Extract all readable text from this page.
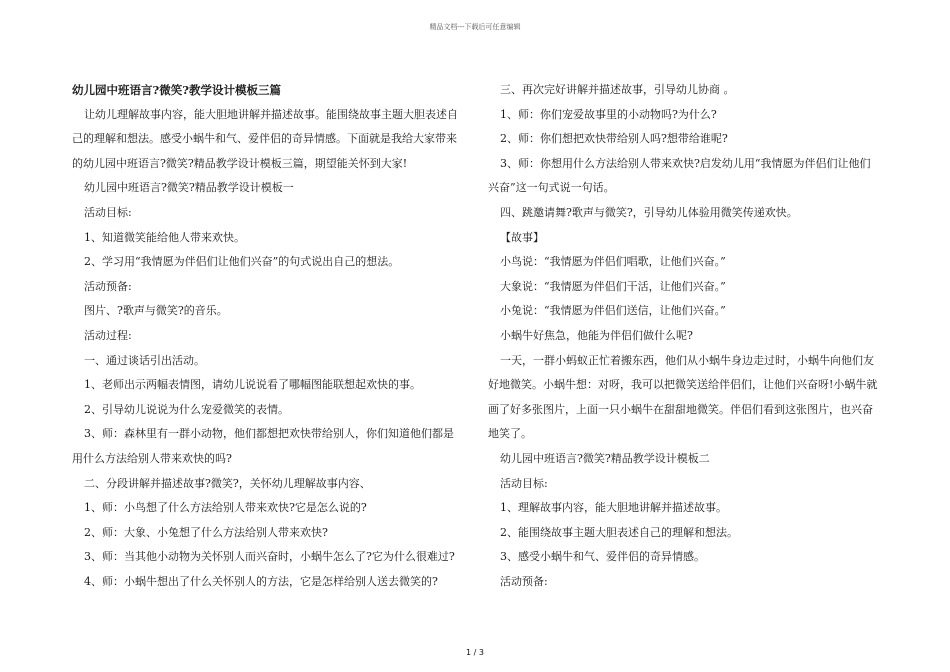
精品文档---下载后可任意编辑

幼儿园中班语言?微笑?教学设计模板三篇

让幼儿理解故事内容，能大胆地讲解并描述故事。能围绕故事主题大胆表述自己的理解和想法。感受小蜗牛和气、爱伴侣的奇异情感。下面就是我给大家带来的幼儿园中班语言?微笑?精品教学设计模板三篇，期望能关怀到大家!

幼儿园中班语言?微笑?精品教学设计模板一

活动目标:

1、知道微笑能给他人带来欢快。

2、学习用“我情愿为伴侣们让他们兴奋”的句式说出自己的想法。

活动预备:

图片、?歌声与微笑?的音乐。

活动过程:

一、通过谈话引出活动。

1、老师出示两幅表情图，请幼儿说说看了哪幅图能联想起欢快的事。

2、引导幼儿说说为什么宠爱微笑的表情。

3、师：森林里有一群小动物，他们都想把欢快带给别人，你们知道他们都是用什么方法给别人带来欢快的吗?

二、分段讲解并描述故事?微笑?，关怀幼儿理解故事内容、

1、师：小鸟想了什么方法给别人带来欢快?它是怎么说的?

2、师：大象、小兔想了什么方法给别人带来欢快?

3、师：当其他小动物为关怀别人而兴奋时，小蜗牛怎么了?它为什么很难过?

4、师：小蜗牛想出了什么关怀别人的方法，它是怎样给别人送去微笑的?

三、再次完好讲解并描述故事，引导幼儿协商 。

1、师：你们宠爱故事里的小动物吗?为什么?

2、师：你们想把欢快带给别人吗?想带给谁呢?

3、师：你想用什么方法给别人带来欢快?启发幼儿用“我情愿为伴侣们让他们兴奋”这一句式说一句话。

四、跳邀请舞?歌声与微笑?，引导幼儿体验用微笑传递欢快。

【故事】

小鸟说：“我情愿为伴侣们唱歌，让他们兴奋。”

大象说：“我情愿为伴侣们干活，让他们兴奋。”

小兔说：“我情愿为伴侣们送信，让他们兴奋。”

小蜗牛好焦急，他能为伴侣们做什么呢?

一天，一群小蚂蚁正忙着搬东西，他们从小蜗牛身边走过时，小蜗牛向他们友好地微笑。小蜗牛想：对呀，我可以把微笑送给伴侣们，让他们兴奋呀!小蜗牛就画了好多张图片，上面一只小蜗牛在甜甜地微笑。伴侣们看到这张图片，也兴奋地笑了。

幼儿园中班语言?微笑?精品教学设计模板二

活动目标:

1、理解故事内容，能大胆地讲解并描述故事。

2、能围绕故事主题大胆表述自己的理解和想法。

3、感受小蜗牛和气、爱伴侣的奇异情感。

活动预备:

1 / 3
